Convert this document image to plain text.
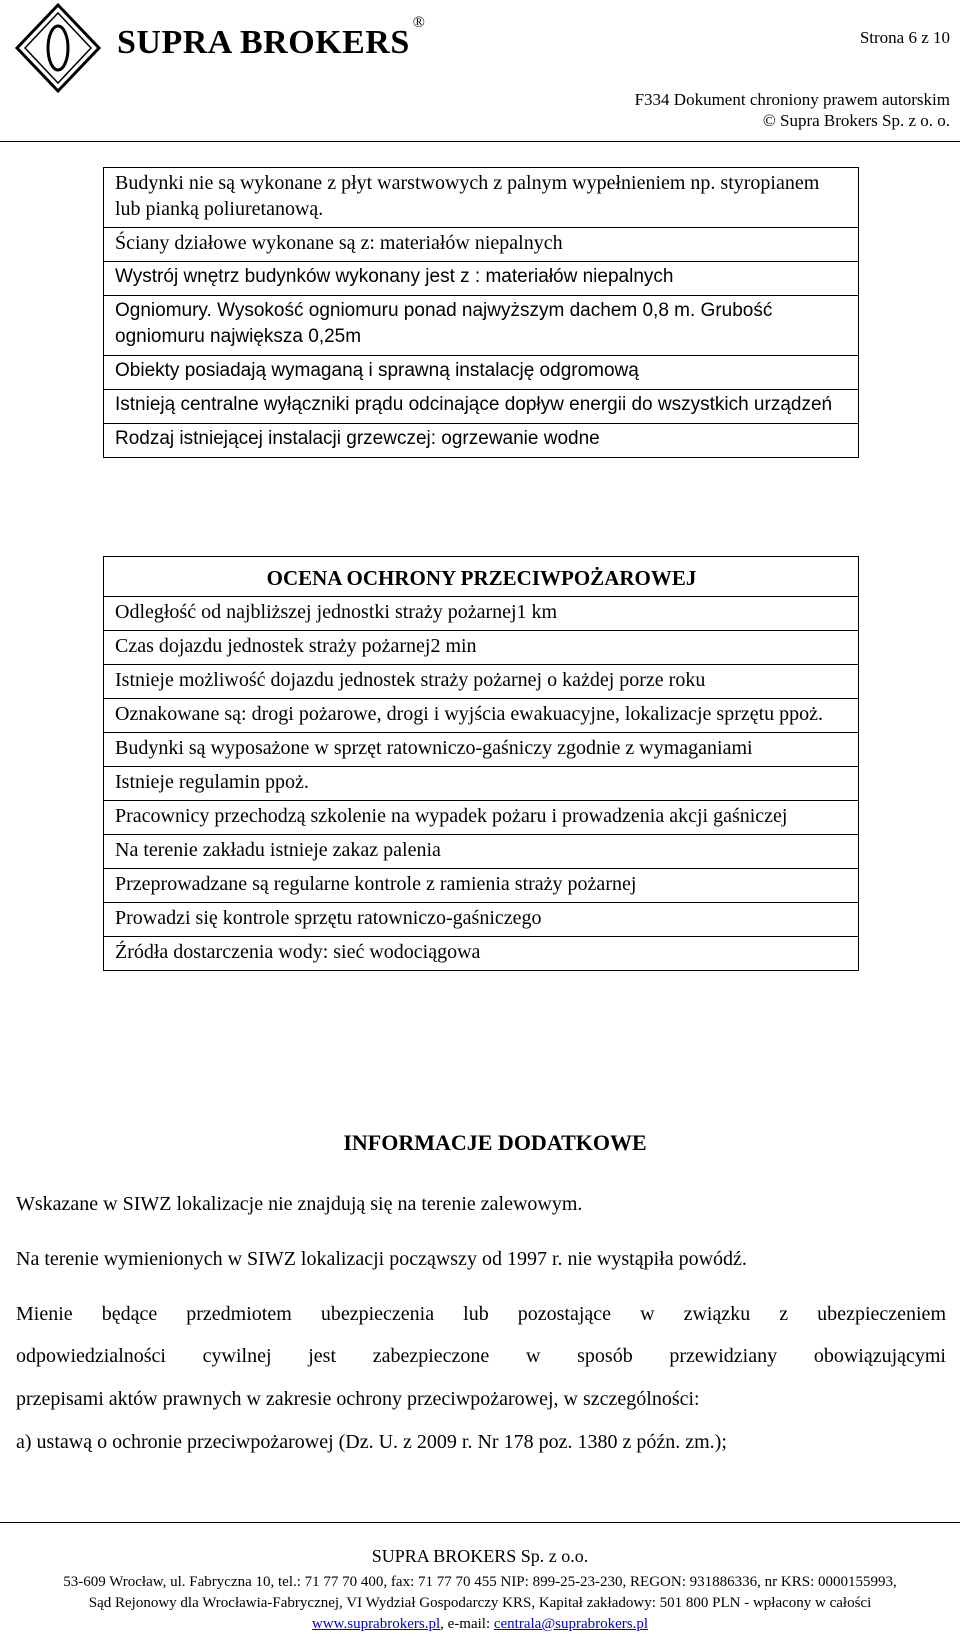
SUPRA BROKERS®
Strona 6 z 10
F334 Dokument chroniony prawem autorskim
© Supra Brokers Sp. z o. o.
Budynki nie są wykonane z płyt warstwowych z palnym wypełnieniem np. styropianem lub pianką poliuretanową.
Ściany działowe wykonane są z: materiałów niepalnych
Wystrój wnętrz budynków wykonany jest z : materiałów niepalnych
Ogniomury. Wysokość ogniomuru ponad najwyższym dachem 0,8 m. Grubość ogniomuru największa 0,25m
Obiekty posiadają wymaganą i sprawną instalację odgromową
Istnieją centralne wyłączniki prądu odcinające dopływ energii do wszystkich urządzeń
Rodzaj istniejącej instalacji grzewczej: ogrzewanie wodne
OCENA OCHRONY PRZECIWPOŻAROWEJ
Odległość od najbliższej jednostki straży pożarnej1 km
Czas dojazdu jednostek straży pożarnej2 min
Istnieje możliwość dojazdu jednostek straży pożarnej o każdej porze roku
Oznakowane są: drogi pożarowe, drogi i wyjścia ewakuacyjne, lokalizacje sprzętu ppoż.
Budynki są wyposażone w sprzęt ratowniczo-gaśniczy zgodnie z wymaganiami
Istnieje regulamin ppoż.
Pracownicy przechodzą szkolenie na wypadek pożaru i prowadzenia akcji gaśniczej
Na terenie zakładu istnieje zakaz palenia
Przeprowadzane są regularne kontrole z ramienia straży pożarnej
Prowadzi się kontrole sprzętu ratowniczo-gaśniczego
Źródła dostarczenia wody: sieć wodociągowa
INFORMACJE DODATKOWE
Wskazane w SIWZ lokalizacje nie znajdują się na terenie zalewowym.
Na terenie wymienionych w SIWZ lokalizacji począwszy od 1997 r. nie wystąpiła powódź.
Mienie będące przedmiotem ubezpieczenia lub pozostające w związku z ubezpieczeniem
odpowiedzialności cywilnej jest zabezpieczone w sposób przewidziany obowiązującymi
przepisami aktów prawnych w zakresie ochrony przeciwpożarowej, w szczególności:
a) ustawą o ochronie przeciwpożarowej (Dz. U. z 2009 r. Nr 178 poz. 1380 z późn. zm.);
SUPRA BROKERS Sp. z o.o.
53-609 Wrocław, ul. Fabryczna 10, tel.: 71 77 70 400, fax: 71 77 70 455 NIP: 899-25-23-230, REGON: 931886336, nr KRS: 0000155993,
Sąd Rejonowy dla Wrocławia-Fabrycznej, VI Wydział Gospodarczy KRS, Kapitał zakładowy: 501 800 PLN - wpłacony w całości
www.suprabrokers.pl, e-mail: centrala@suprabrokers.pl
